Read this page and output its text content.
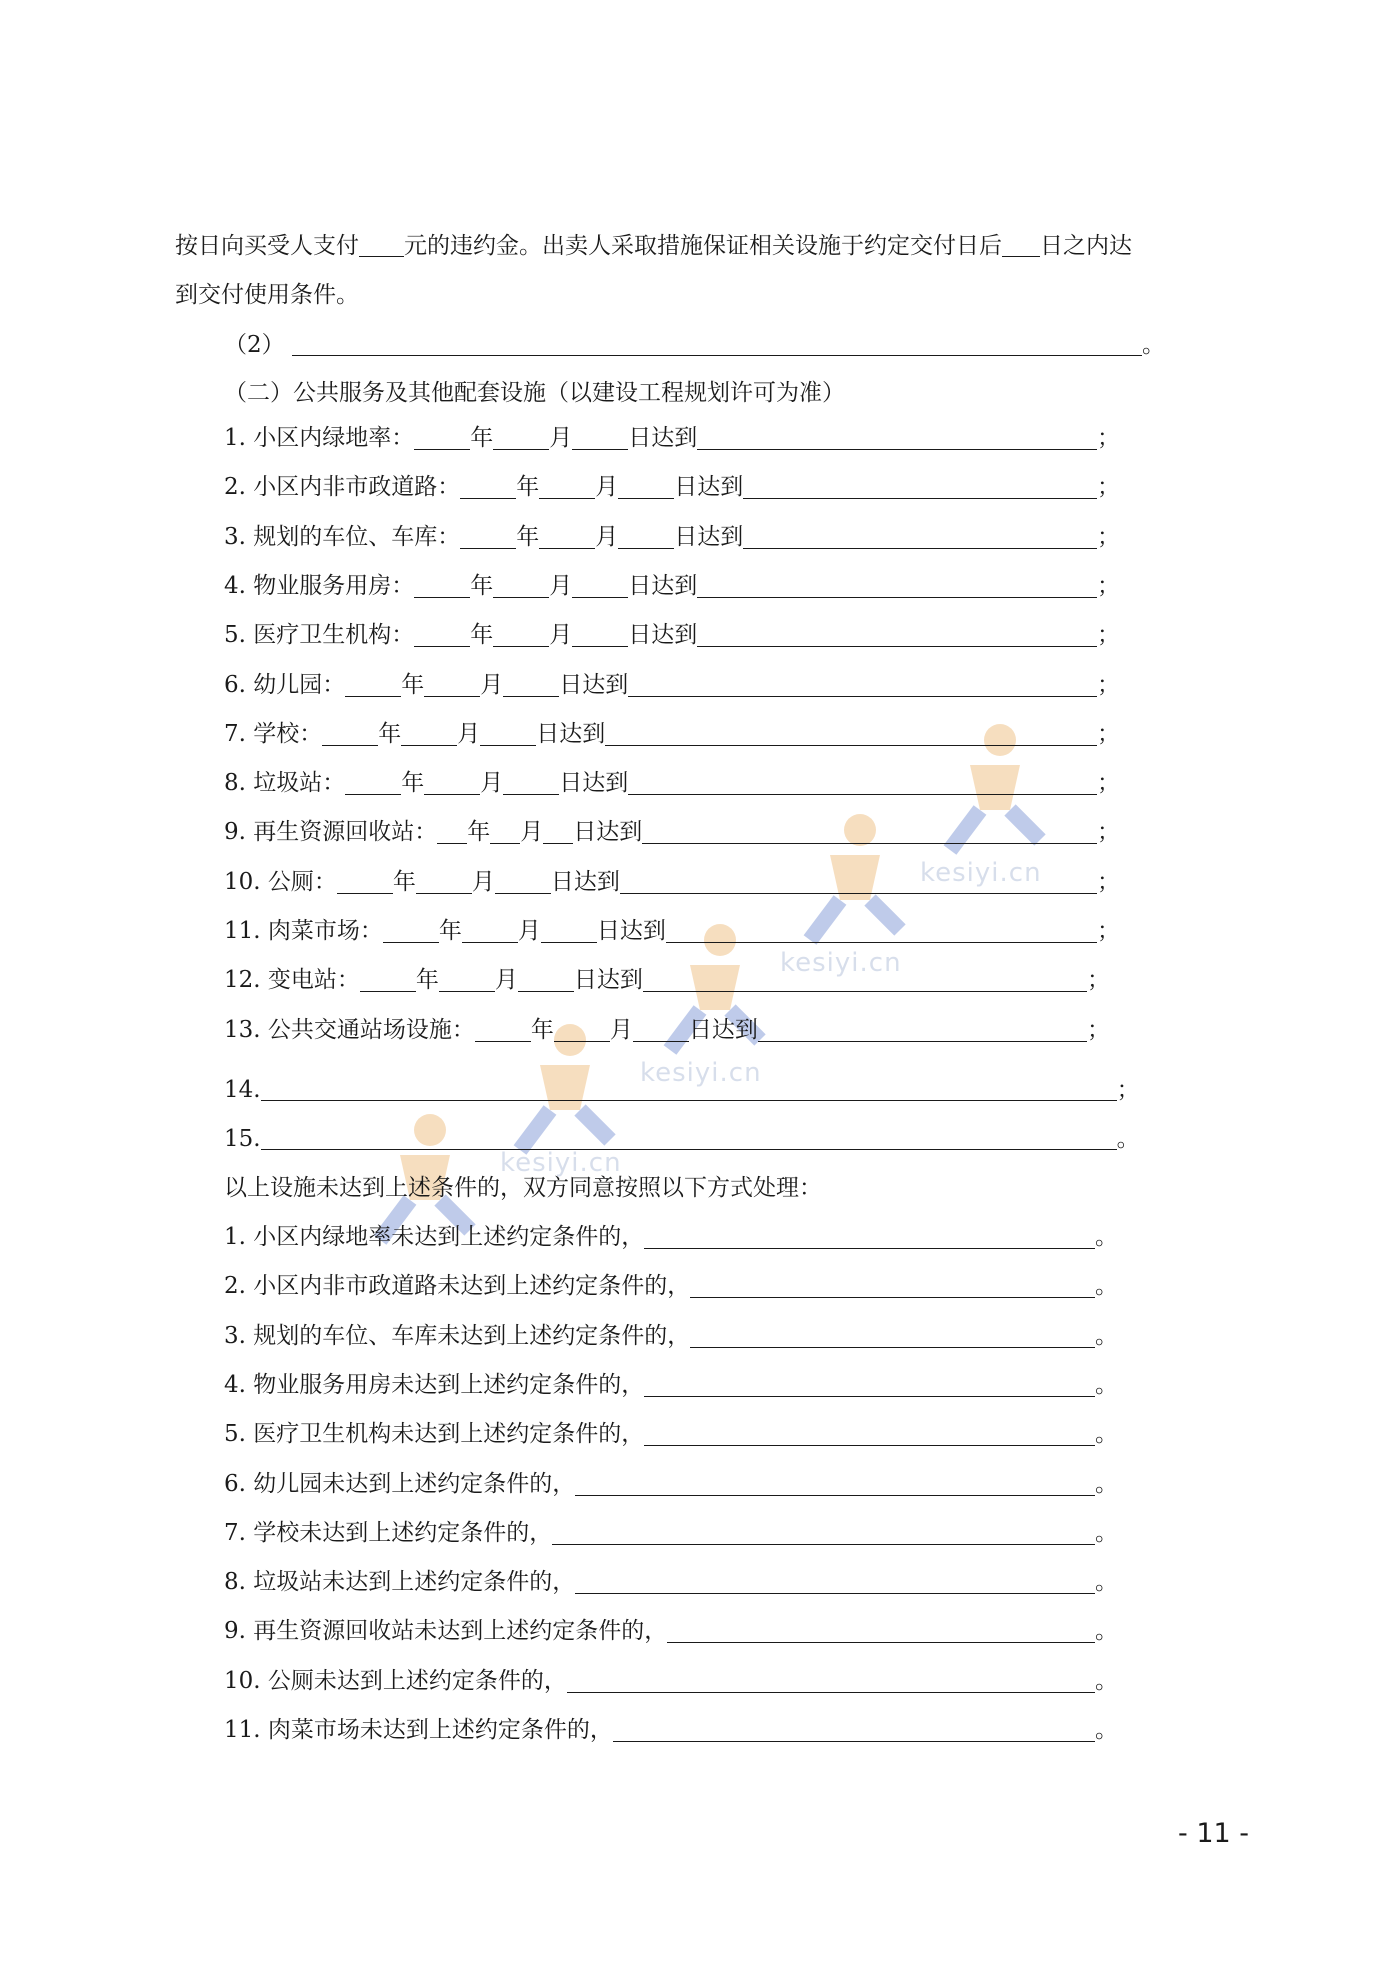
kesiyi.cn
kesiyi.cn
kesiyi.cn
kesiyi.cn
按日向买受人支付 元的违约金。出卖人采取措施保证相关设施于约定交付日后 日之内达
到交付使用条件。
（2）	。
（二）公共服务及其他配套设施（以建设工程规划许可为准）
1. 小区内绿地率： 年 月 日达到	；
2. 小区内非市政道路： 年 月 日达到	；
3. 规划的车位、车库： 年 月 日达到	；
4. 物业服务用房： 年 月 日达到	；
5. 医疗卫生机构： 年 月 日达到	；
6. 幼儿园： 年 月 日达到	；
7. 学校： 年 月 日达到	；
8. 垃圾站： 年 月 日达到	；
9. 再生资源回收站： 年 月 日达到	；
10. 公厕： 年 月 日达到	；
11. 肉菜市场： 年 月 日达到	；
12. 变电站： 年 月 日达到	；
13. 公共交通站场设施： 年 月 日达到	；
14.	；
15.	。
以上设施未达到上述条件的，双方同意按照以下方式处理：
1. 小区内绿地率未达到上述约定条件的，	。
2. 小区内非市政道路未达到上述约定条件的，	。
3. 规划的车位、车库未达到上述约定条件的，	。
4. 物业服务用房未达到上述约定条件的，	。
5. 医疗卫生机构未达到上述约定条件的，	。
6. 幼儿园未达到上述约定条件的，	。
7. 学校未达到上述约定条件的，	。
8. 垃圾站未达到上述约定条件的，	。
9. 再生资源回收站未达到上述约定条件的，	。
10. 公厕未达到上述约定条件的，	。
11. 肉菜市场未达到上述约定条件的，	。
- 11 -
